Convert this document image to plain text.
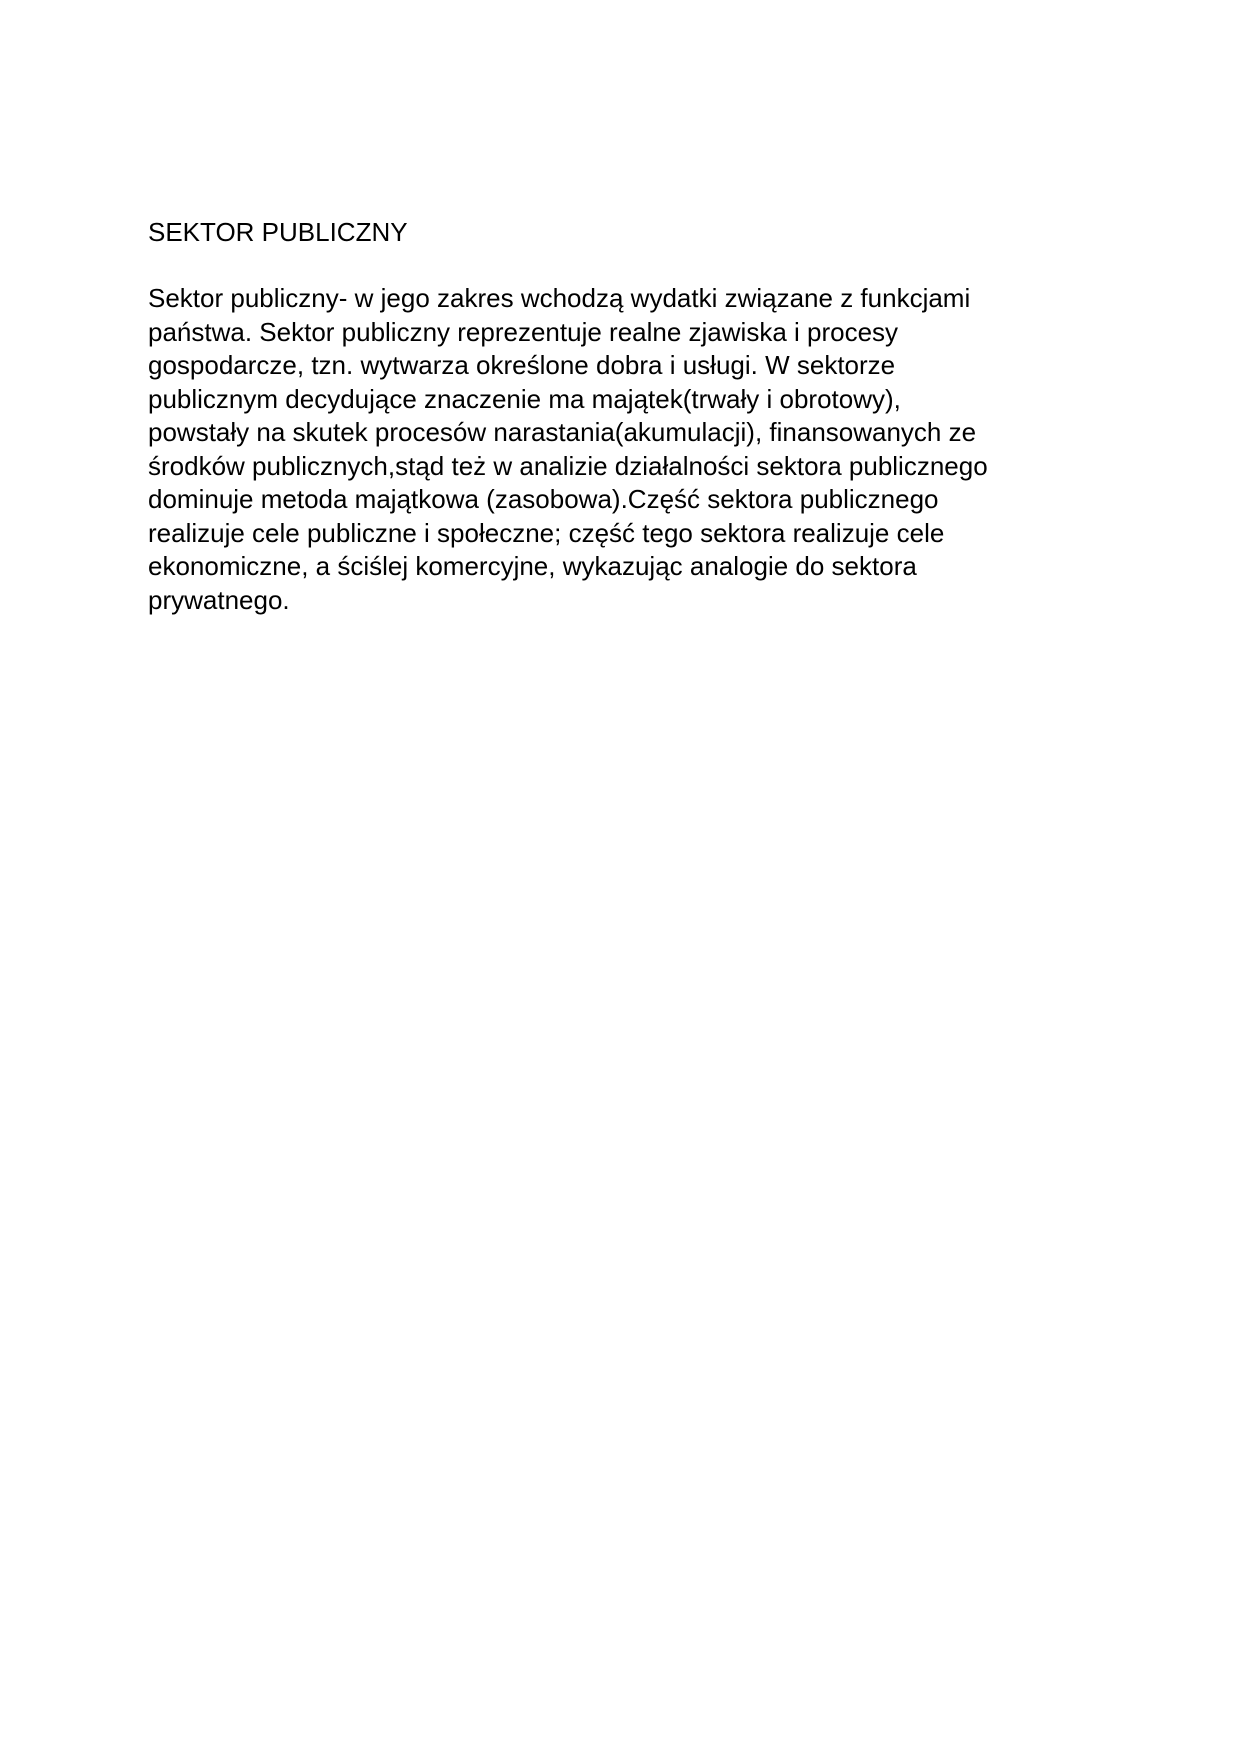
SEKTOR PUBLICZNY

Sektor publiczny- w jego zakres wchodzą wydatki związane z funkcjami
państwa. Sektor publiczny reprezentuje realne zjawiska i procesy
gospodarcze, tzn. wytwarza określone dobra i usługi. W sektorze
publicznym decydujące znaczenie ma majątek(trwały i obrotowy),
powstały na skutek procesów narastania(akumulacji), finansowanych ze
środków publicznych,stąd też w analizie działalności sektora publicznego
dominuje metoda majątkowa (zasobowa).Część sektora publicznego
realizuje cele publiczne i społeczne; część tego sektora realizuje cele
ekonomiczne, a ściślej komercyjne, wykazując analogie do sektora
prywatnego.
